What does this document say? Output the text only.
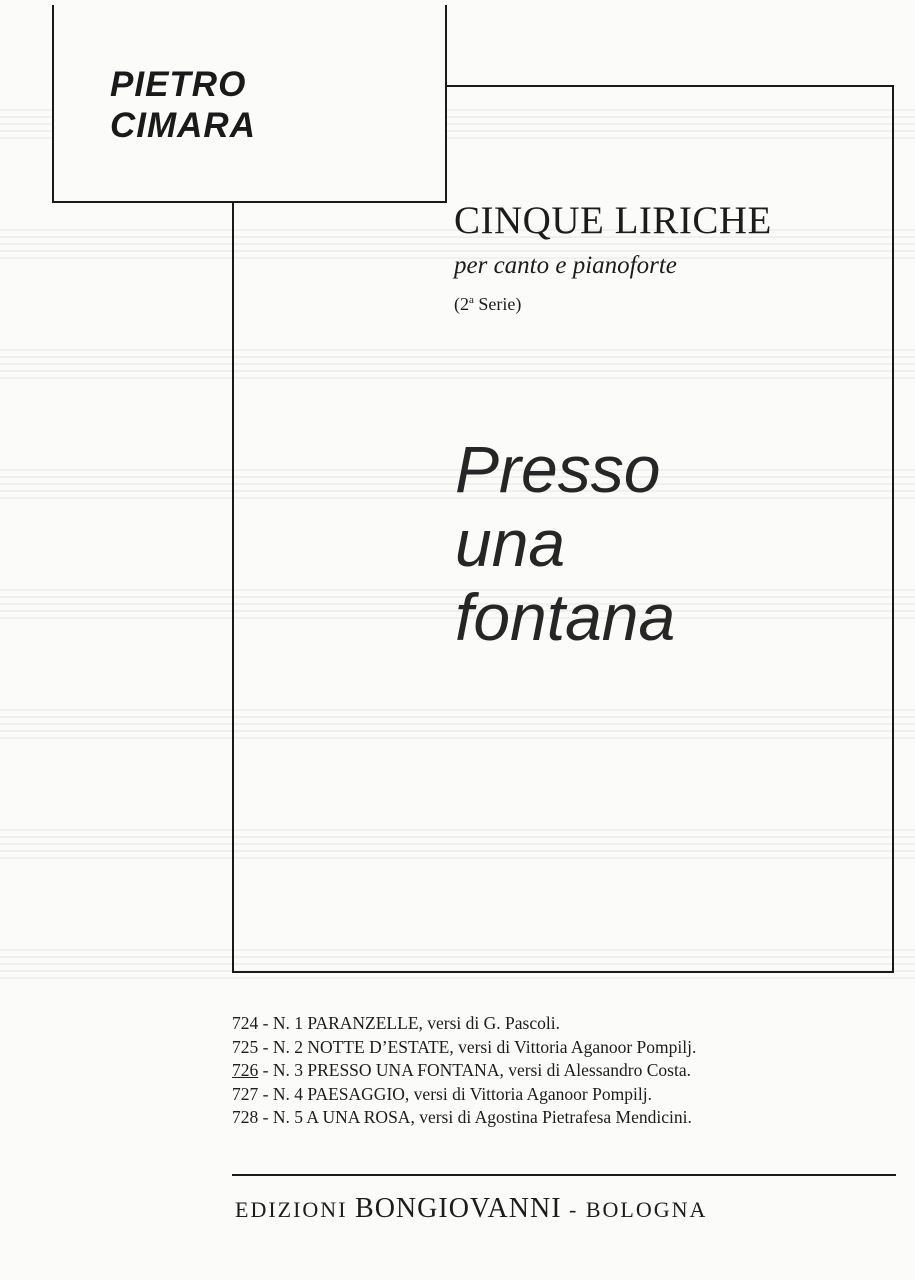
PIETRO
CIMARA
CINQUE LIRICHE
per canto e pianoforte
(2$^a$ Serie)
Presso
una
fontana
724 - N. 1 PARANZELLE, versi di G. Pascoli.
725 - N. 2 NOTTE D’ESTATE, versi di Vittoria Aganoor Pompilj.
726 - N. 3 PRESSO UNA FONTANA, versi di Alessandro Costa.
727 - N. 4 PAESAGGIO, versi di Vittoria Aganoor Pompilj.
728 - N. 5 A UNA ROSA, versi di Agostina Pietrafesa Mendicini.
EDIZIONI BONGIOVANNI - BOLOGNA
